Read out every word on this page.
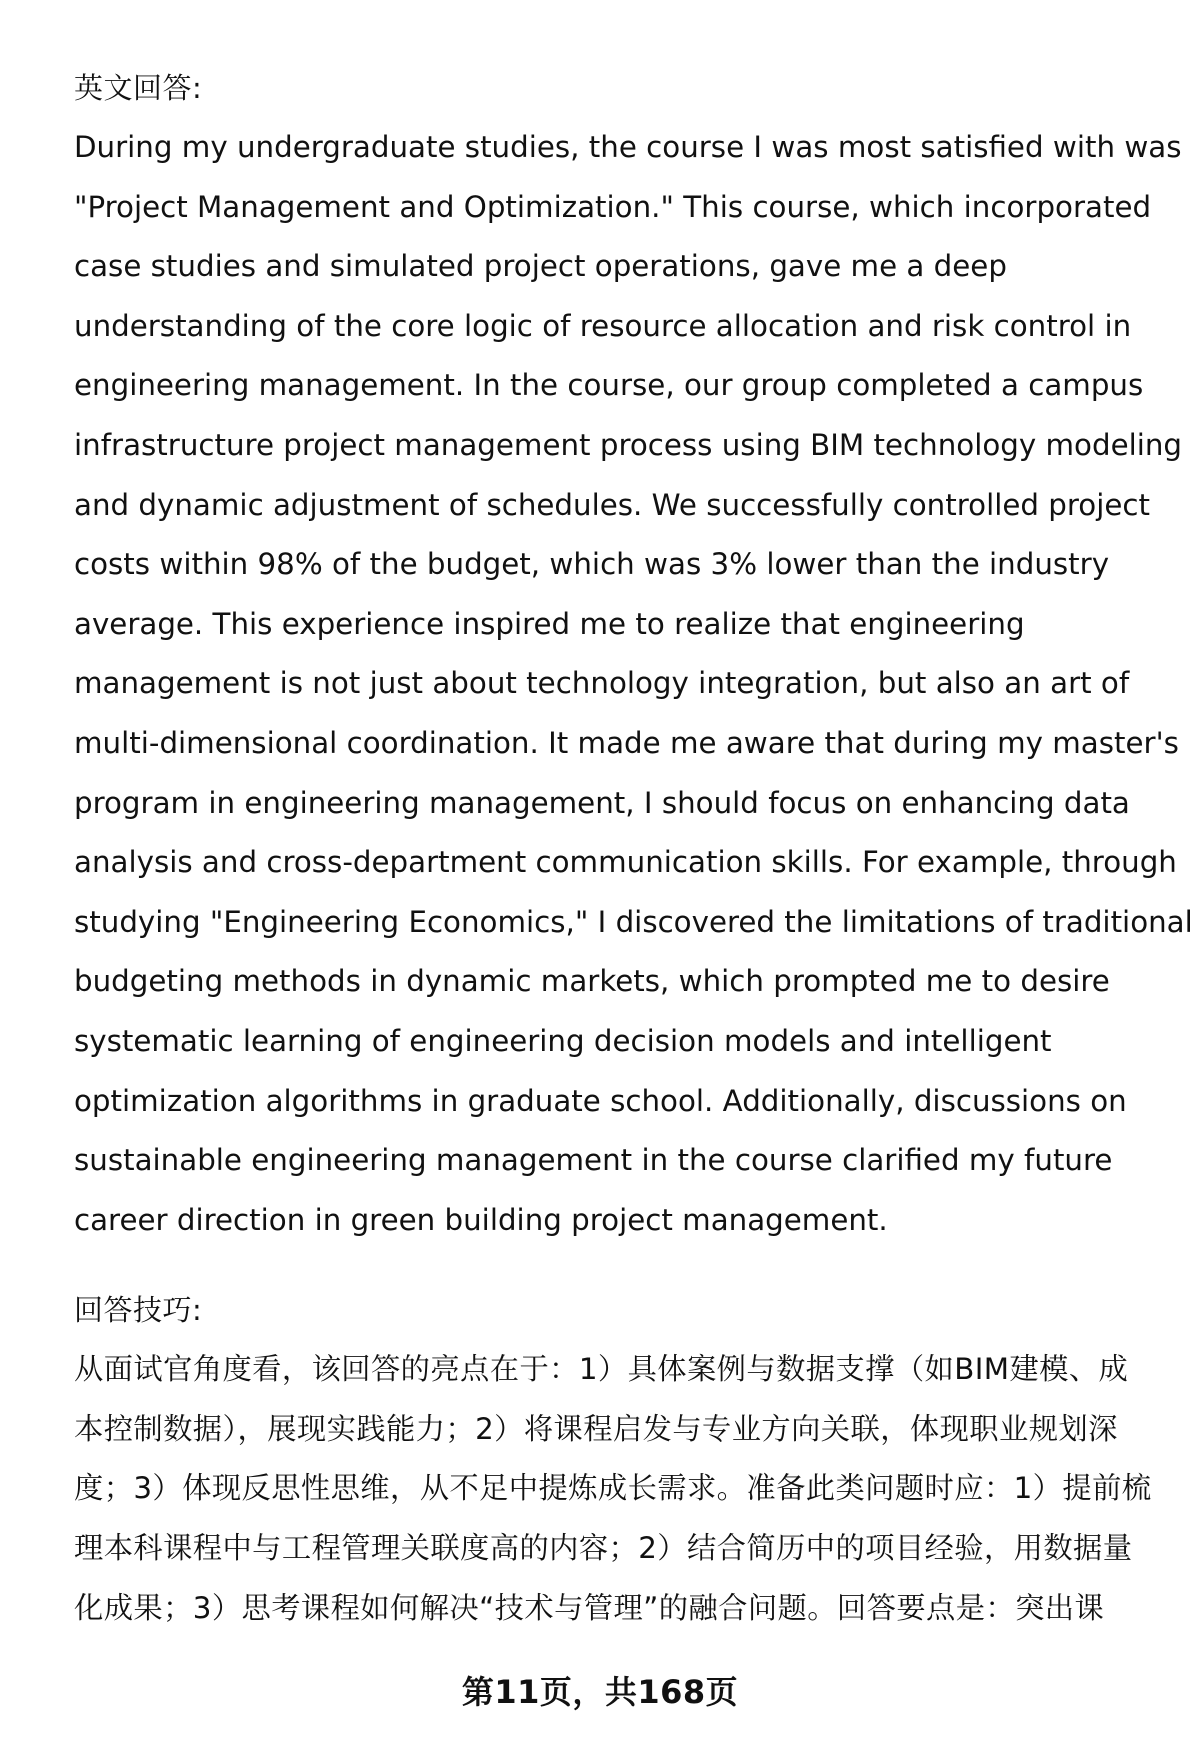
英文回答:

During my undergraduate studies, the course I was most satisfied with was
"Project Management and Optimization." This course, which incorporated
case studies and simulated project operations, gave me a deep
understanding of the core logic of resource allocation and risk control in
engineering management. In the course, our group completed a campus
infrastructure project management process using BIM technology modeling
and dynamic adjustment of schedules. We successfully controlled project
costs within 98% of the budget, which was 3% lower than the industry
average. This experience inspired me to realize that engineering
management is not just about technology integration, but also an art of
multi-dimensional coordination. It made me aware that during my master's
program in engineering management, I should focus on enhancing data
analysis and cross-department communication skills. For example, through
studying "Engineering Economics," I discovered the limitations of traditional
budgeting methods in dynamic markets, which prompted me to desire
systematic learning of engineering decision models and intelligent
optimization algorithms in graduate school. Additionally, discussions on
sustainable engineering management in the course clarified my future
career direction in green building project management.

回答技巧:

从面试官角度看，该回答的亮点在于：1）具体案例与数据支撑（如BIM建模、成
本控制数据），展现实践能力；2）将课程启发与专业方向关联，体现职业规划深
度；3）体现反思性思维，从不足中提炼成长需求。准备此类问题时应：1）提前梳
理本科课程中与工程管理关联度高的内容；2）结合简历中的项目经验，用数据量
化成果；3）思考课程如何解决“技术与管理”的融合问题。回答要点是：突出课
第11页，共168页
